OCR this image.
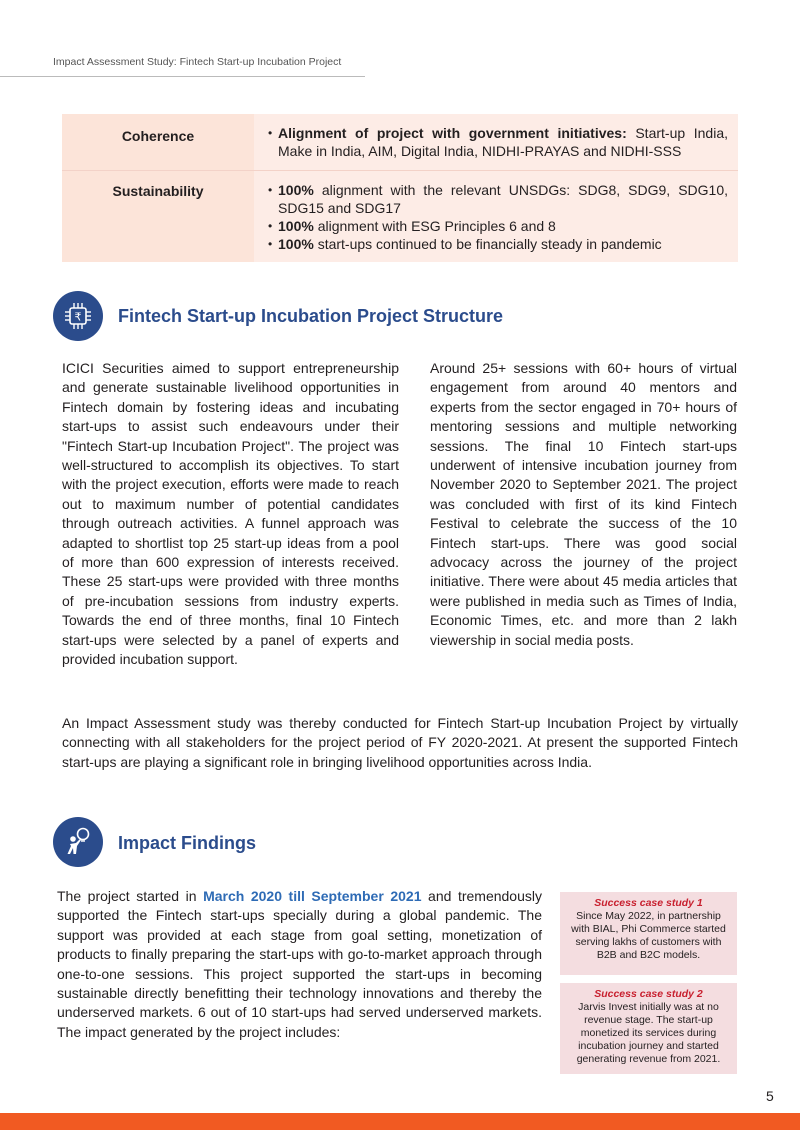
Impact Assessment Study: Fintech Start-up Incubation Project
Coherence	• Alignment of project with government initiatives: Start-up India, Make in India, AIM, Digital India, NIDHI-PRAYAS and NIDHI-SSS
Sustainability	• 100% alignment with the relevant UNSDGs: SDG8, SDG9, SDG10, SDG15 and SDG17
• 100% alignment with ESG Principles 6 and 8
• 100% start-ups continued to be financially steady in pandemic
₹ Fintech Start-up Incubation Project Structure
ICICI Securities aimed to support entrepreneurship and generate sustainable livelihood opportunities in Fintech domain by fostering ideas and incubating start-ups to assist such endeavours under their "Fintech Start-up Incubation Project". The project was well-structured to accomplish its objectives. To start with the project execution, efforts were made to reach out to maximum number of potential candidates through outreach activities. A funnel approach was adapted to shortlist top 25 start-up ideas from a pool of more than 600 expression of interests received. These 25 start-ups were provided with three months of pre-incubation sessions from industry experts. Towards the end of three months, final 10 Fintech start-ups were selected by a panel of experts and provided incubation support.
Around 25+ sessions with 60+ hours of virtual engagement from around 40 mentors and experts from the sector engaged in 70+ hours of mentoring sessions and multiple networking sessions. The final 10 Fintech start-ups underwent of intensive incubation journey from November 2020 to September 2021. The project was concluded with first of its kind Fintech Festival to celebrate the success of the 10 Fintech start-ups. There was good social advocacy across the journey of the project initiative. There were about 45 media articles that were published in media such as Times of India, Economic Times, etc. and more than 2 lakh viewership in social media posts.
An Impact Assessment study was thereby conducted for Fintech Start-up Incubation Project by virtually connecting with all stakeholders for the project period of FY 2020-2021. At present the supported Fintech start-ups are playing a significant role in bringing livelihood opportunities across India.
Impact Findings
The project started in March 2020 till September 2021 and tremendously supported the Fintech start-ups specially during a global pandemic. The support was provided at each stage from goal setting, monetization of products to finally preparing the start-ups with go-to-market approach through one-to-one sessions. This project supported the start-ups in becoming sustainable directly benefitting their technology innovations and thereby the underserved markets. 6 out of 10 start-ups had served underserved markets. The impact generated by the project includes:
Success case study 1
Since May 2022, in partnership with BIAL, Phi Commerce started serving lakhs of customers with B2B and B2C models.
Success case study 2
Jarvis Invest initially was at no revenue stage. The start-up monetized its services during incubation journey and started generating revenue from 2021.
5
